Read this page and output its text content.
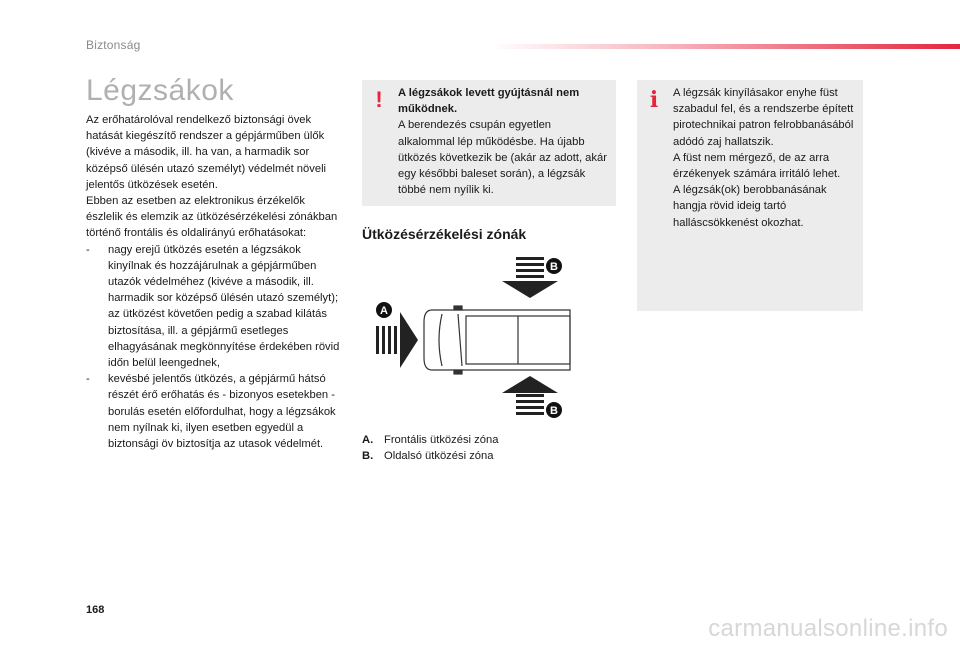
Biztonság
Légzsákok

Az erőhatárolóval rendelkező biztonsági övek hatását kiegészítő rendszer a gépjárműben ülők (kivéve a második, ill. ha van, a harmadik sor középső ülésén utazó személyt) védelmét növeli jelentős ütközések esetén.

Ebben az esetben az elektronikus érzékelők észlelik és elemzik az ütközésérzékelési zónákban történő frontális és oldalirányú erőhatásokat:

- nagy erejű ütközés esetén a légzsákok kinyílnak és hozzájárulnak a gépjárműben utazók védelméhez (kivéve a második, ill. harmadik sor középső ülésén utazó személyt); az ütközést követően pedig a szabad kilátás biztosítása, ill. a gépjármű esetleges elhagyásának megkönnyítése érdekében rövid időn belül leengednek,
- kevésbé jelentős ütközés, a gépjármű hátsó részét érő erőhatás és - bizonyos esetekben - borulás esetén előfordulhat, hogy a légzsákok nem nyílnak ki, ilyen esetben egyedül a biztonsági öv biztosítja az utasok védelmét.
! A légzsákok levett gyújtásnál nem működnek.

A berendezés csupán egyetlen alkalommal lép működésbe. Ha újabb ütközés következik be (akár az adott, akár egy későbbi baleset során), a légzsák többé nem nyílik ki.

i A légzsák kinyílásakor enyhe füst szabadul fel, és a rendszerbe épített pirotechnikai patron felrobbanásából adódó zaj hallatszik.

A füst nem mérgező, de az arra érzékenyek számára irritáló lehet.

A légzsák(ok) berobbanásának hangja rövid ideig tartó halláscsökkenést okozhat.

Ütközésérzékelési zónák
A
B
B
A. Frontális ütközési zóna
B. Oldalsó ütközési zóna
168
carmanualsonline.info
